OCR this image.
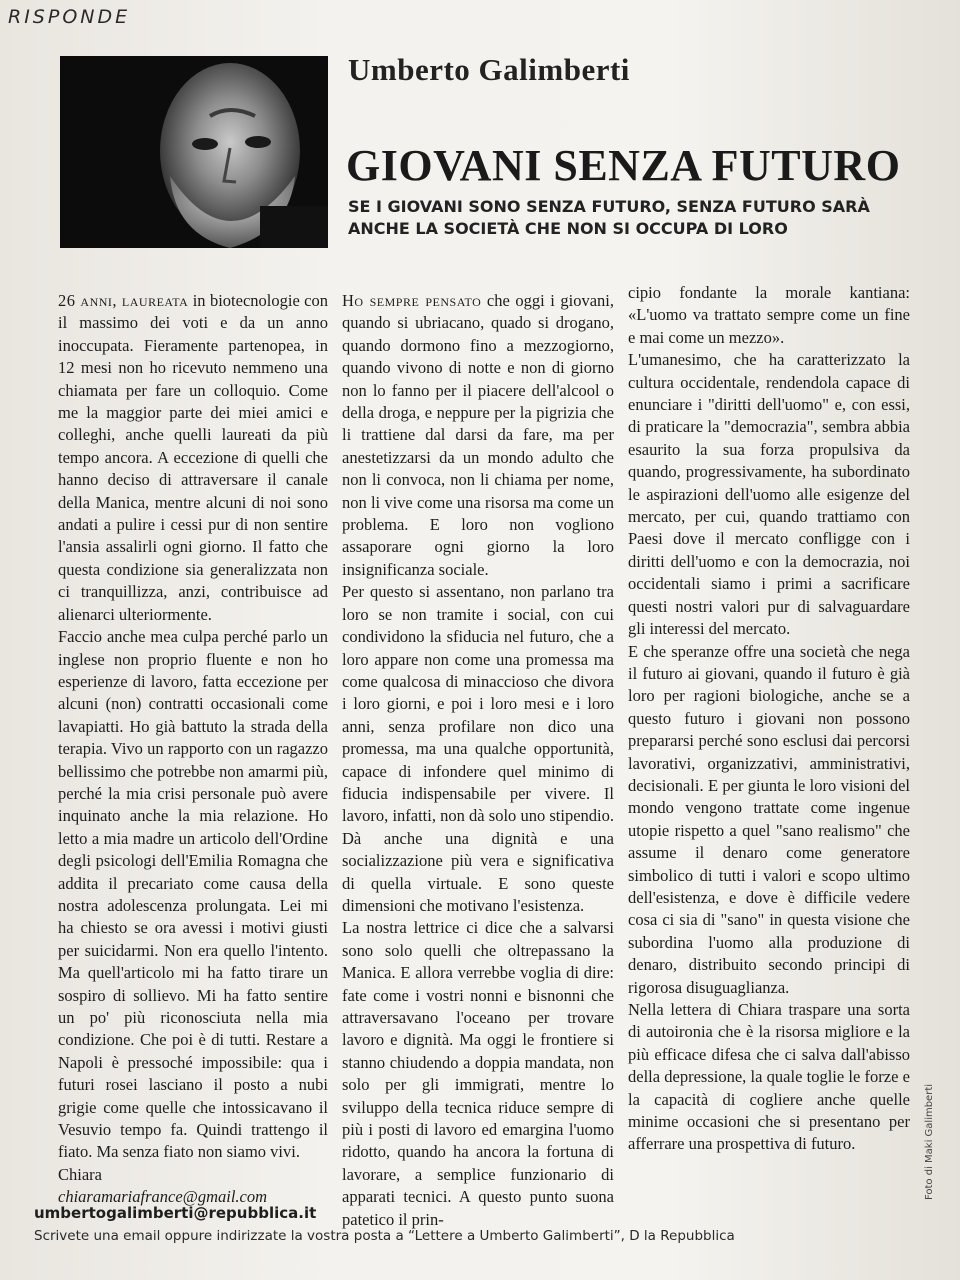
RISPONDE
Umberto Galimberti
GIOVANI SENZA FUTURO
SE I GIOVANI SONO SENZA FUTURO, SENZA FUTURO SARÀ ANCHE LA SOCIETÀ CHE NON SI OCCUPA DI LORO

26 anni, laureata in biotecnologie con il massimo dei voti e da un anno inoccupata. Fieramente partenopea, in 12 mesi non ho ricevuto nemmeno una chiamata per fare un colloquio. Come me la maggior parte dei miei amici e colleghi, anche quelli laureati da più tempo ancora. A eccezione di quelli che hanno deciso di attraversare il canale della Manica, mentre alcuni di noi sono andati a pulire i cessi pur di non sentire l'ansia assalirli ogni giorno. Il fatto che questa condizione sia generalizzata non ci tranquillizza, anzi, contribuisce ad alienarci ulteriormente.

Faccio anche mea culpa perché parlo un inglese non proprio fluente e non ho esperienze di lavoro, fatta eccezione per alcuni (non) contratti occasionali come lavapiatti. Ho già battuto la strada della terapia. Vivo un rapporto con un ragazzo bellissimo che potrebbe non amarmi più, perché la mia crisi personale può avere inquinato anche la mia relazione. Ho letto a mia madre un articolo dell'Ordine degli psicologi dell'Emilia Romagna che addita il precariato come causa della nostra adolescenza prolungata. Lei mi ha chiesto se ora avessi i motivi giusti per suicidarmi. Non era quello l'intento. Ma quell'articolo mi ha fatto tirare un sospiro di sollievo. Mi ha fatto sentire un po' più riconosciuta nella mia condizione. Che poi è di tutti. Restare a Napoli è pressoché impossibile: qua i futuri rosei lasciano il posto a nubi grigie come quelle che intossicavano il Vesuvio tempo fa. Quindi trattengo il fiato. Ma senza fiato non siamo vivi.

Chiara

chiaramariafrance@gmail.com

Ho sempre pensato che oggi i giovani, quando si ubriacano, quado si drogano, quando dormono fino a mezzogiorno, quando vivono di notte e non di giorno non lo fanno per il piacere dell'alcool o della droga, e neppure per la pigrizia che li trattiene dal darsi da fare, ma per anestetizzarsi da un mondo adulto che non li convoca, non li chiama per nome, non li vive come una risorsa ma come un problema. E loro non vogliono assaporare ogni giorno la loro insignificanza sociale.

Per questo si assentano, non parlano tra loro se non tramite i social, con cui condividono la sfiducia nel futuro, che a loro appare non come una promessa ma come qualcosa di minaccioso che divora i loro giorni, e poi i loro mesi e i loro anni, senza profilare non dico una promessa, ma una qualche opportunità, capace di infondere quel minimo di fiducia indispensabile per vivere. Il lavoro, infatti, non dà solo uno stipendio. Dà anche una dignità e una socializzazione più vera e significativa di quella virtuale. E sono queste dimensioni che motivano l'esistenza.

La nostra lettrice ci dice che a salvarsi sono solo quelli che oltrepassano la Manica. E allora verrebbe voglia di dire: fate come i vostri nonni e bisnonni che attraversavano l'oceano per trovare lavoro e dignità. Ma oggi le frontiere si stanno chiudendo a doppia mandata, non solo per gli immigrati, mentre lo sviluppo della tecnica riduce sempre di più i posti di lavoro ed emargina l'uomo ridotto, quando ha ancora la fortuna di lavorare, a semplice funzionario di apparati tecnici. A questo punto suona patetico il prin-

cipio fondante la morale kantiana: «L'uomo va trattato sempre come un fine e mai come un mezzo».

L'umanesimo, che ha caratterizzato la cultura occidentale, rendendola capace di enunciare i "diritti dell'uomo" e, con essi, di praticare la "democrazia", sembra abbia esaurito la sua forza propulsiva da quando, progressivamente, ha subordinato le aspirazioni dell'uomo alle esigenze del mercato, per cui, quando trattiamo con Paesi dove il mercato confligge con i diritti dell'uomo e con la democrazia, noi occidentali siamo i primi a sacrificare questi nostri valori pur di salvaguardare gli interessi del mercato.

E che speranze offre una società che nega il futuro ai giovani, quando il futuro è già loro per ragioni biologiche, anche se a questo futuro i giovani non possono prepararsi perché sono esclusi dai percorsi lavorativi, organizzativi, amministrativi, decisionali. E per giunta le loro visioni del mondo vengono trattate come ingenue utopie rispetto a quel "sano realismo" che assume il denaro come generatore simbolico di tutti i valori e scopo ultimo dell'esistenza, e dove è difficile vedere cosa ci sia di "sano" in questa visione che subordina l'uomo alla produzione di denaro, distribuito secondo principi di rigorosa disuguaglianza.

Nella lettera di Chiara traspare una sorta di autoironia che è la risorsa migliore e la più efficace difesa che ci salva dall'abisso della depressione, la quale toglie le forze e la capacità di cogliere anche quelle minime occasioni che si presentano per afferrare una prospettiva di futuro.

umbertogalimberti@repubblica.it
Scrivete una email oppure indirizzate la vostra posta a “Lettere a Umberto Galimberti”, D la Repubblica
Foto di Maki Galimberti
